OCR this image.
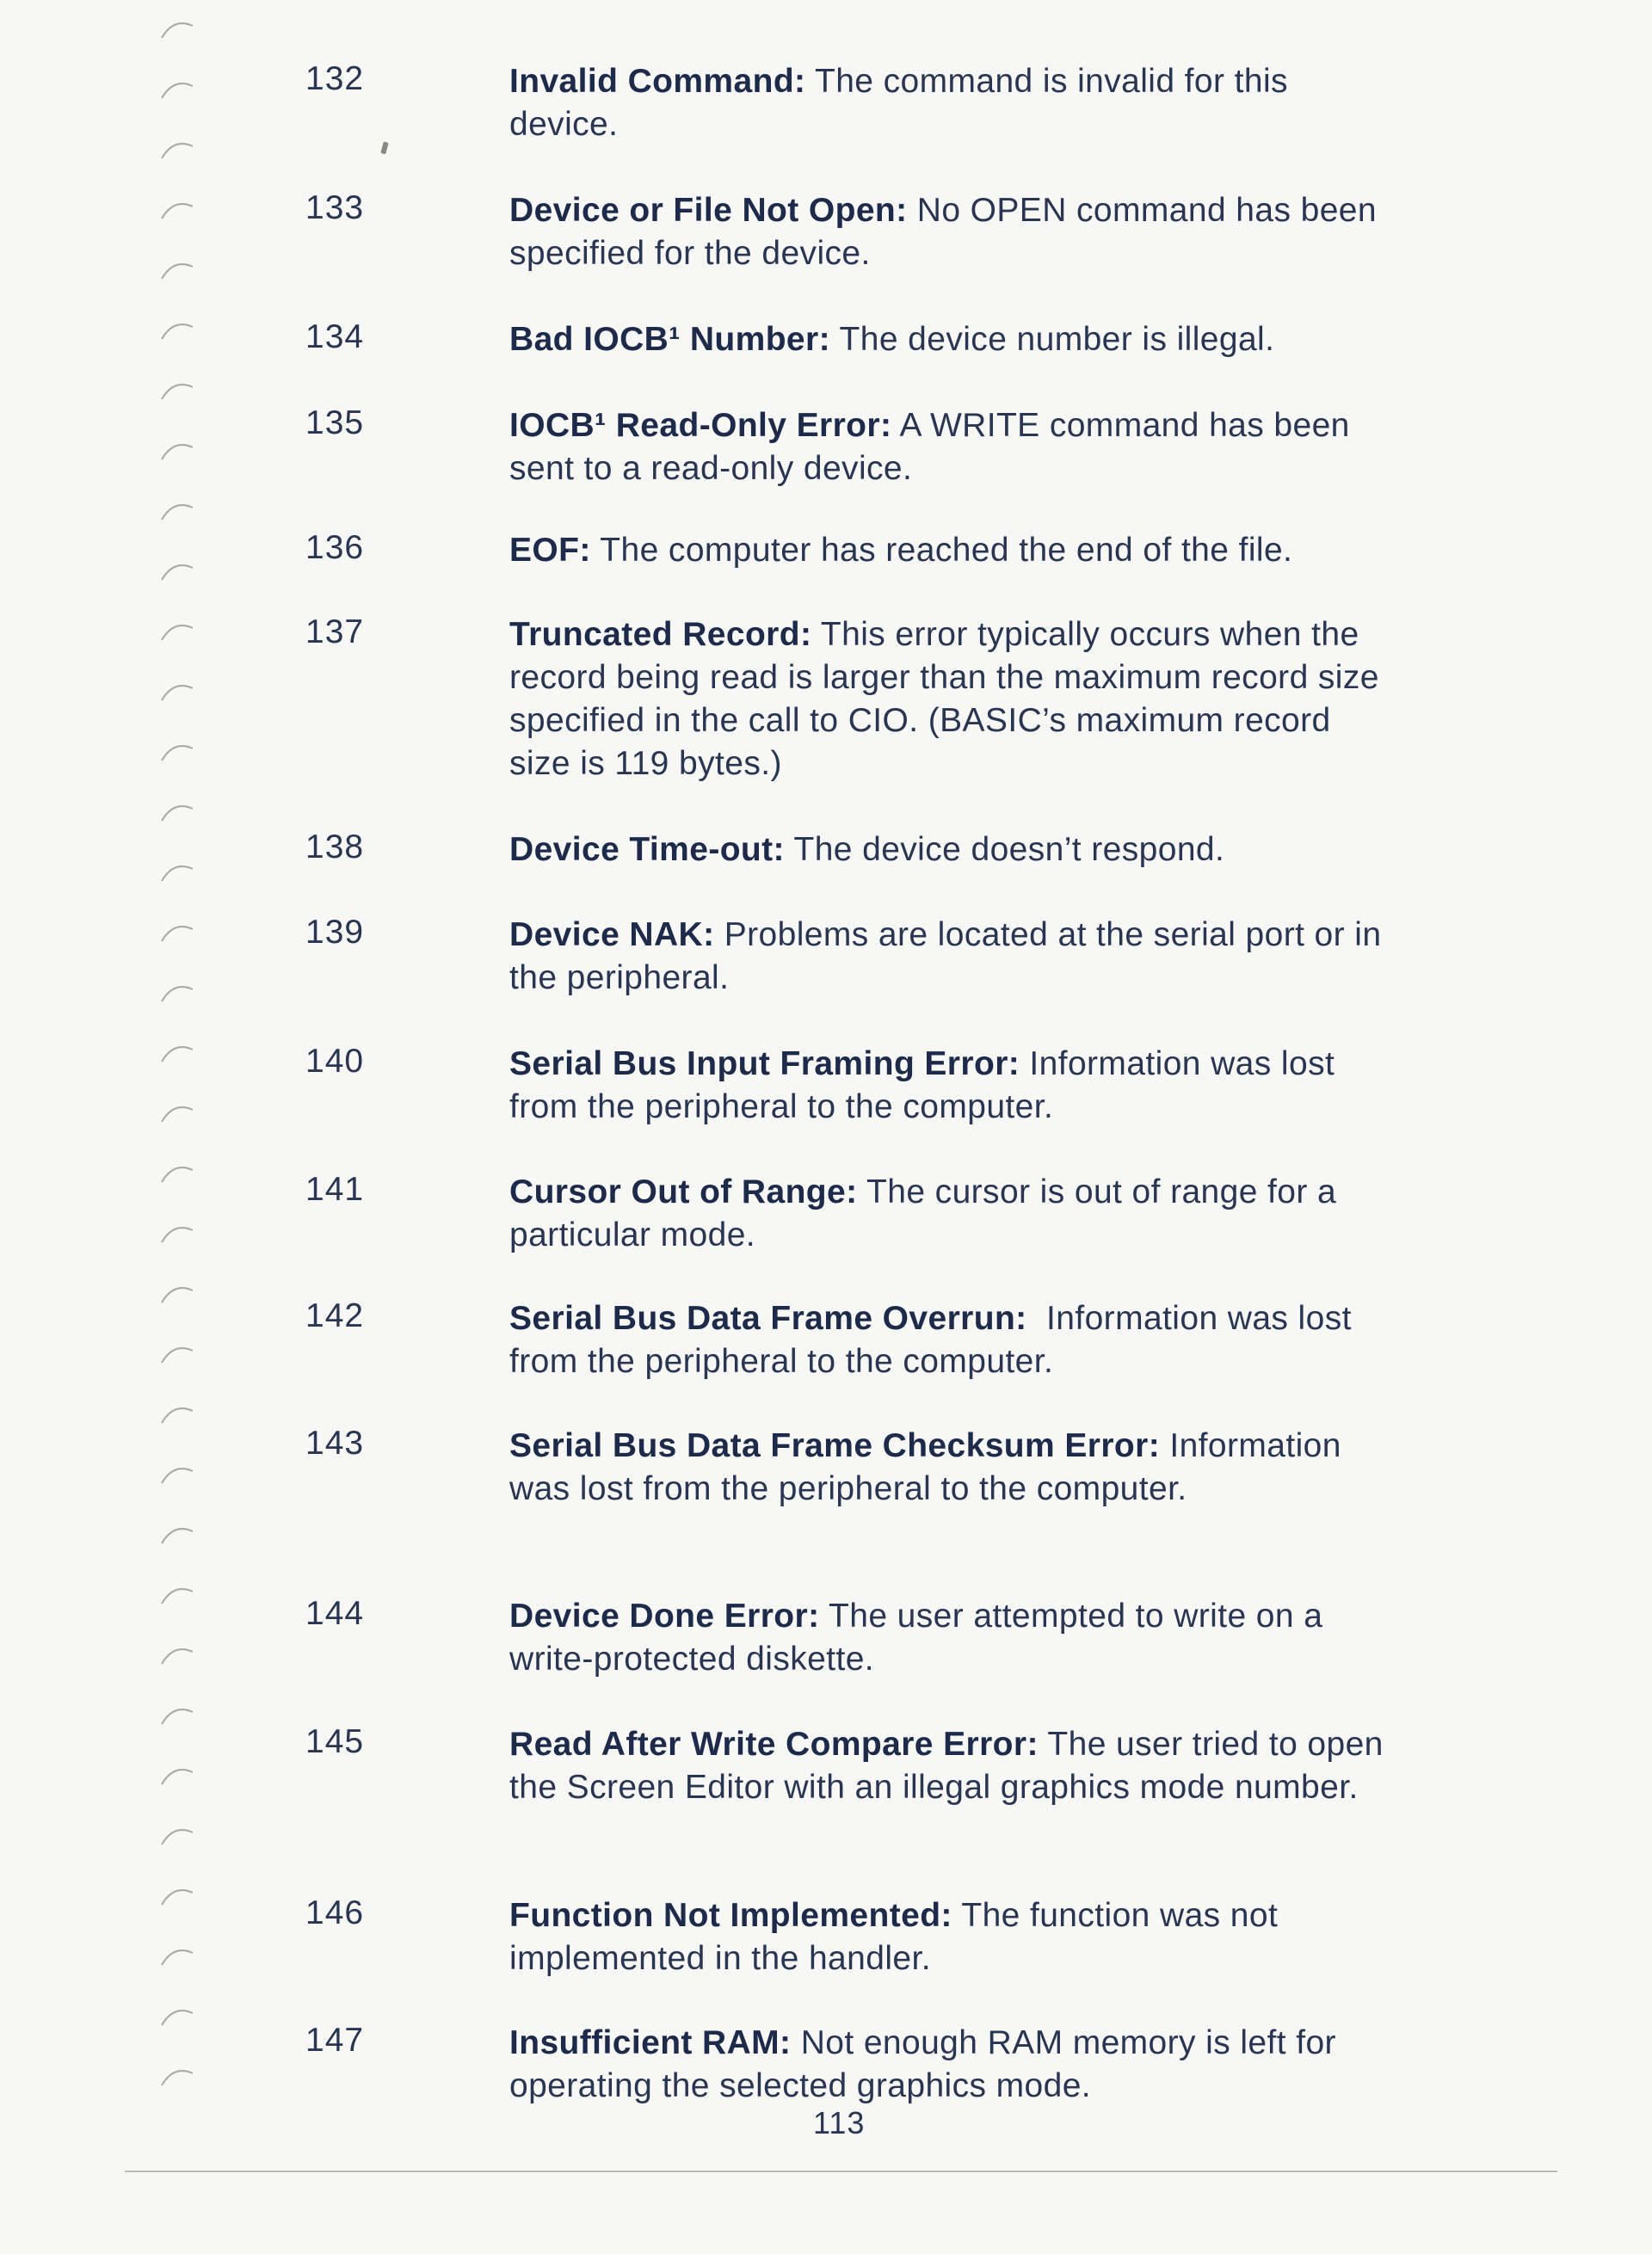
132	Invalid Command: The command is invalid for this device.
133	Device or File Not Open: No OPEN command has been specified for the device.
134	Bad IOCB¹ Number: The device number is illegal.
135	IOCB¹ Read-Only Error: A WRITE command has been sent to a read-only device.
136	EOF: The computer has reached the end of the file.
137	Truncated Record: This error typically occurs when the record being read is larger than the maximum record size specified in the call to CIO. (BASIC’s maximum record size is 119 bytes.)
138	Device Time-out: The device doesn’t respond.
139	Device NAK: Problems are located at the serial port or in the peripheral.
140	Serial Bus Input Framing Error: Information was lost from the peripheral to the computer.
141	Cursor Out of Range: The cursor is out of range for a particular mode.
142	Serial Bus Data Frame Overrun:  Information was lost from the peripheral to the computer.
143	Serial Bus Data Frame Checksum Error: Information was lost from the peripheral to the computer.
144	Device Done Error: The user attempted to write on a write-protected diskette.
145	Read After Write Compare Error: The user tried to open the Screen Editor with an illegal graphics mode number.
146	Function Not Implemented: The function was not implemented in the handler.
147	Insufficient RAM: Not enough RAM memory is left for operating the selected graphics mode.
113
